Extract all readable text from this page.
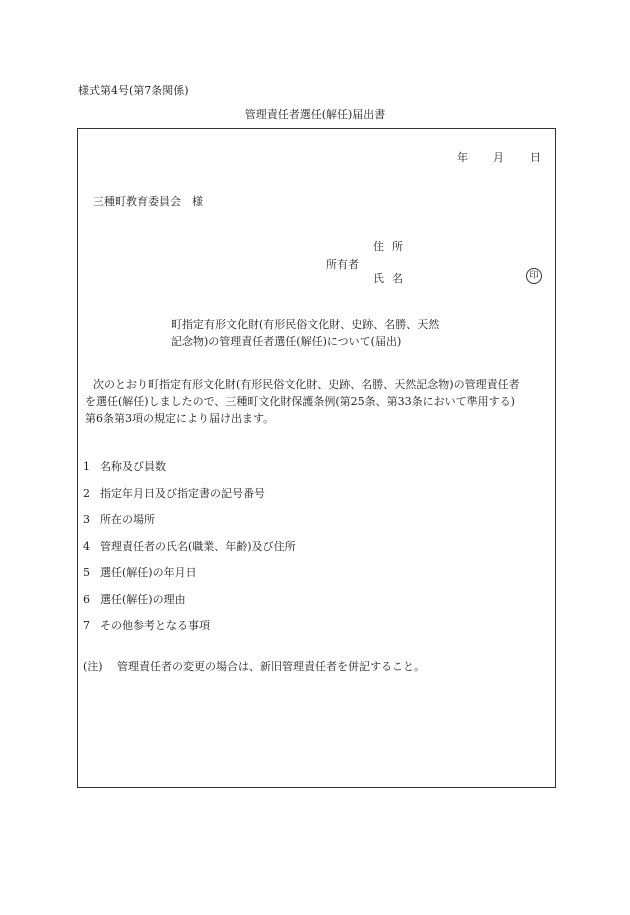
様式第4号(第7条関係)
管理責任者選任(解任)届出書
年 月 日
三種町教育委員会　様
住所
所有者
氏名	印
町指定有形文化財(有形民俗文化財、史跡、名勝、天然
記念物)の管理責任者選任(解任)について(届出)
次のとおり町指定有形文化財(有形民俗文化財、史跡、名勝、天然記念物)の管理責任者
を選任(解任)しましたので、三種町文化財保護条例(第25条、第33条において準用する)
第6条第3項の規定により届け出ます。
1 名称及び員数
2 指定年月日及び指定書の記号番号
3 所在の場所
4 管理責任者の氏名(職業、年齢)及び住所
5 選任(解任)の年月日
6 選任(解任)の理由
7 その他参考となる事項
(注) 管理責任者の変更の場合は、新旧管理責任者を併記すること。
